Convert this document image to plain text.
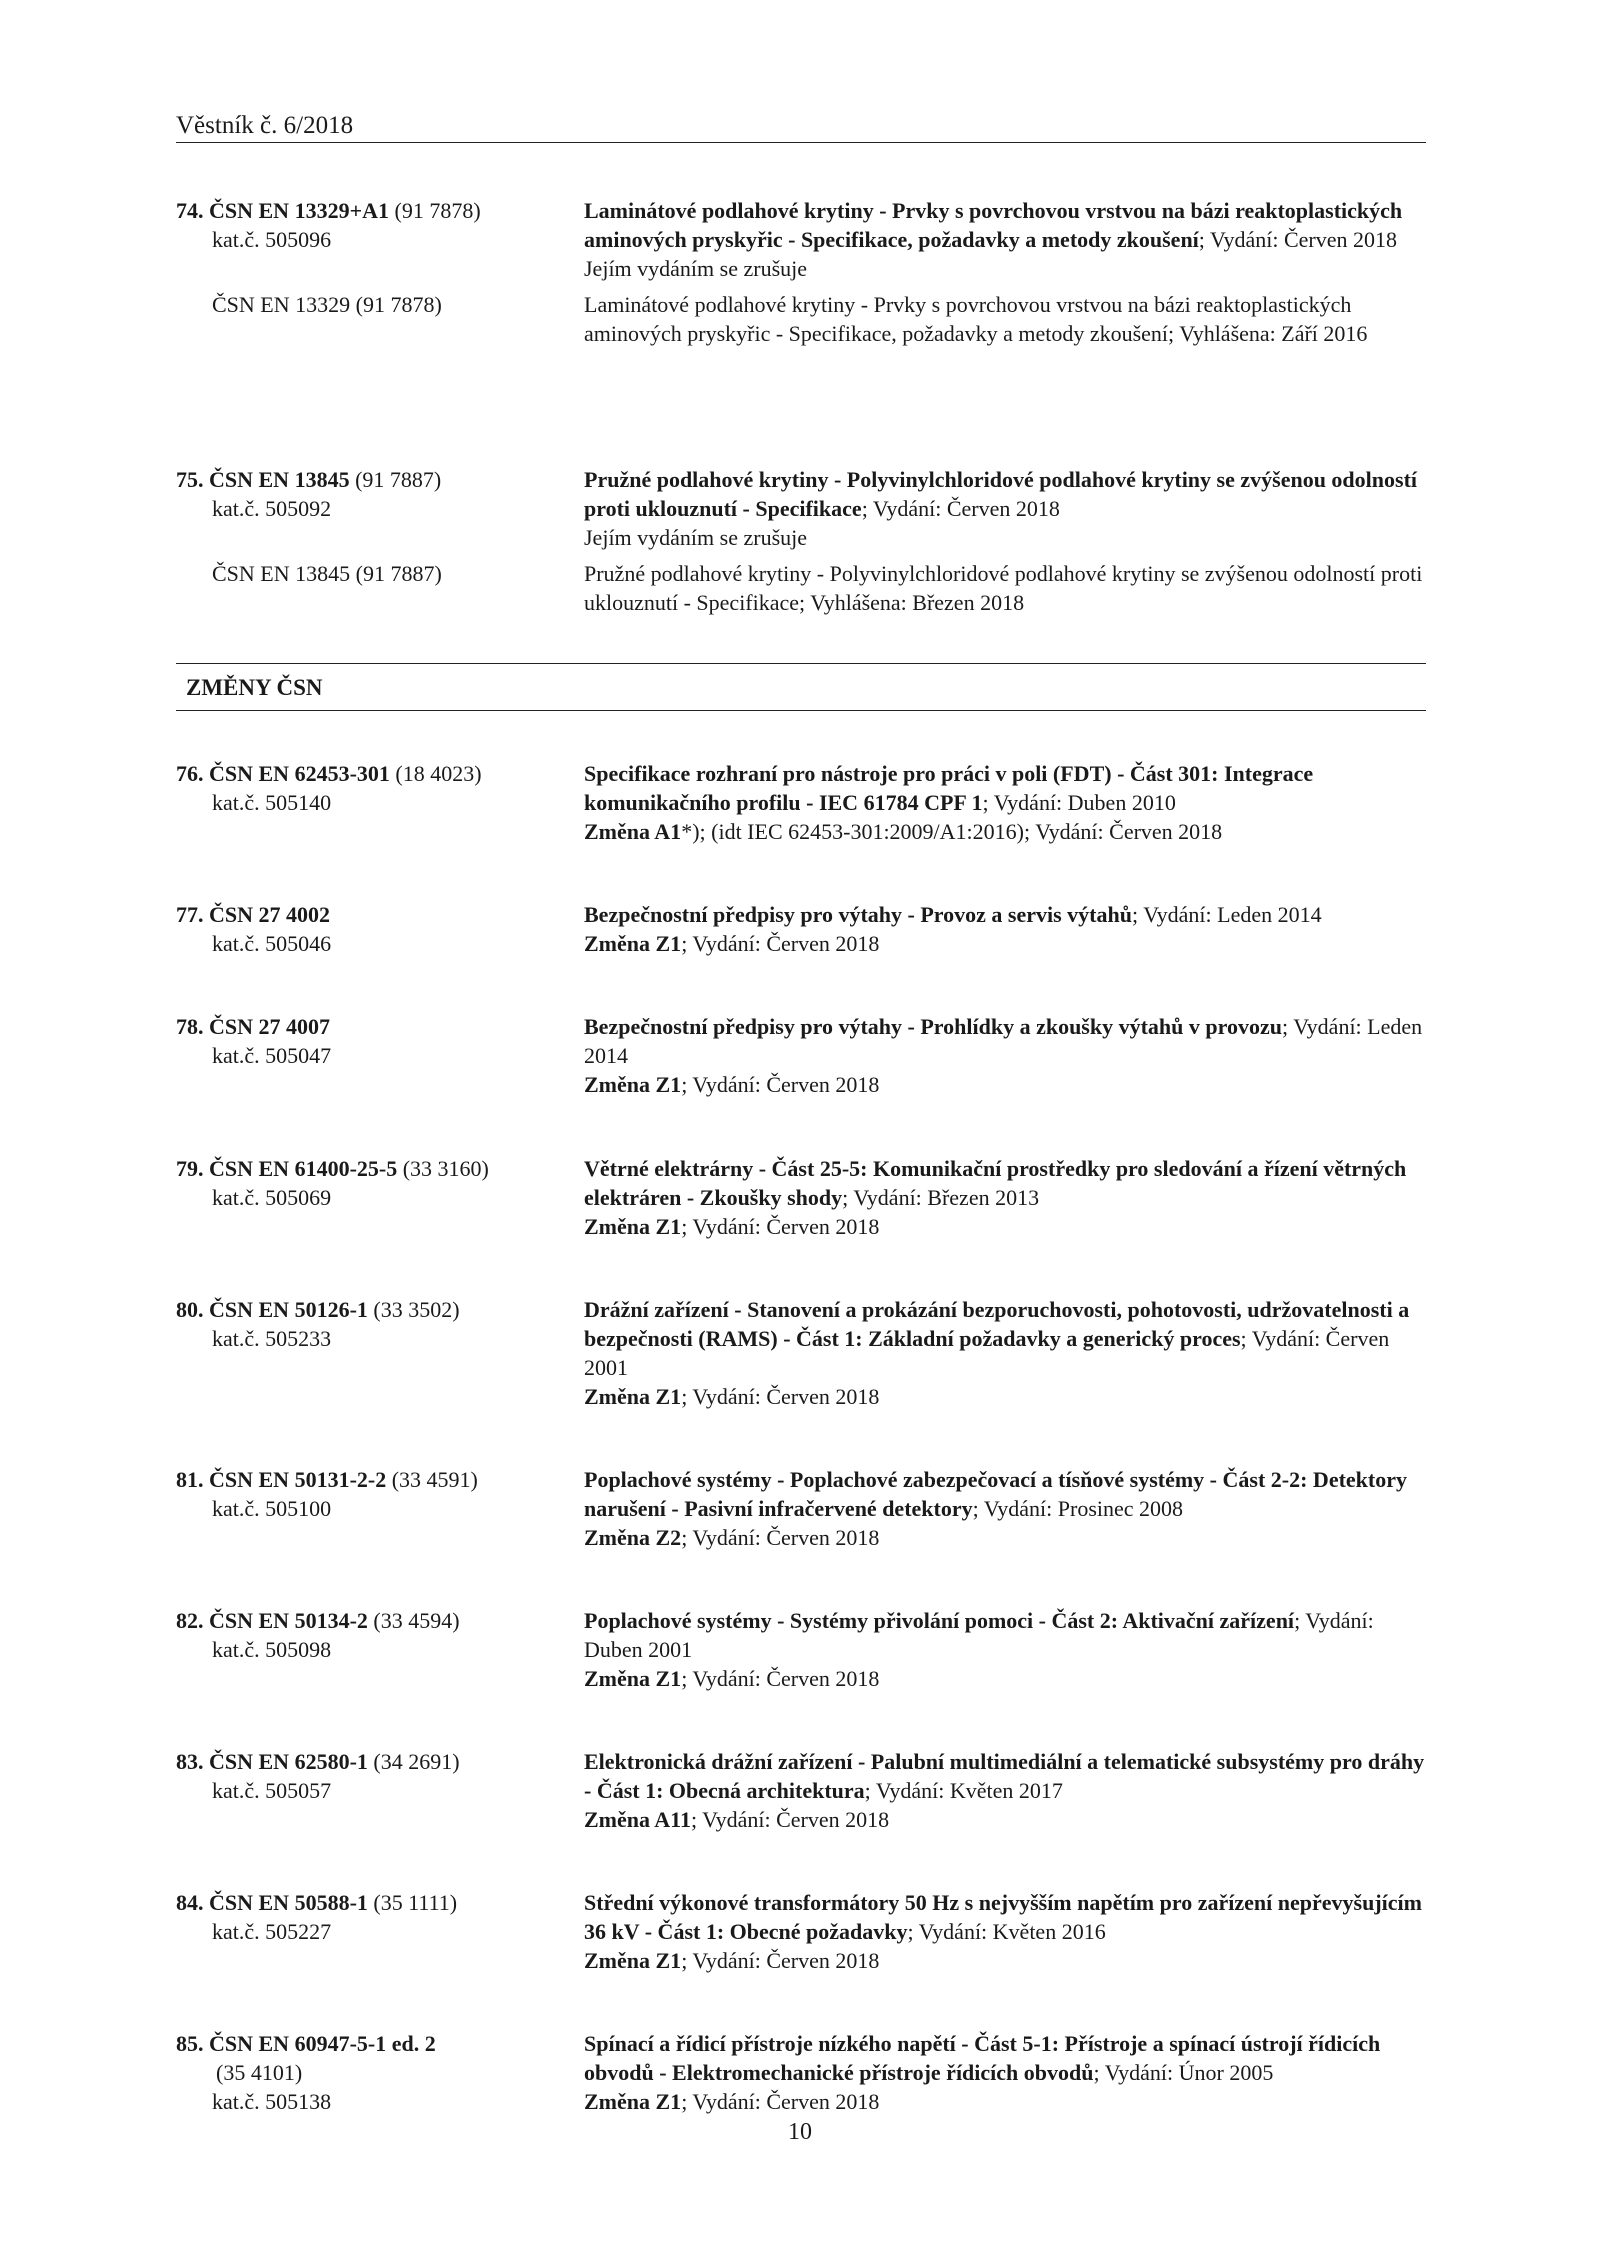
Věstník č. 6/2018
74. ČSN EN 13329+A1 (91 7878)
kat.č. 505096
Laminátové podlahové krytiny - Prvky s povrchovou vrstvou na bázi reaktoplastických aminových pryskyřic - Specifikace, požadavky a metody zkoušení; Vydání: Červen 2018
Jejím vydáním se zrušuje
ČSN EN 13329 (91 7878)	Laminátové podlahové krytiny - Prvky s povrchovou vrstvou na bázi reaktoplastických aminových pryskyřic - Specifikace, požadavky a metody zkoušení; Vyhlášena: Září 2016
75. ČSN EN 13845 (91 7887)
kat.č. 505092
Pružné podlahové krytiny - Polyvinylchloridové podlahové krytiny se zvýšenou odolností proti uklouznutí - Specifikace; Vydání: Červen 2018
Jejím vydáním se zrušuje
ČSN EN 13845 (91 7887)	Pružné podlahové krytiny - Polyvinylchloridové podlahové krytiny se zvýšenou odolností proti uklouznutí - Specifikace; Vyhlášena: Březen 2018
ZMĚNY ČSN
76. ČSN EN 62453-301 (18 4023)
kat.č. 505140
Specifikace rozhraní pro nástroje pro práci v poli (FDT) - Část 301: Integrace komunikačního profilu - IEC 61784 CPF 1; Vydání: Duben 2010
Změna A1*); (idt IEC 62453-301:2009/A1:2016); Vydání: Červen 2018
77. ČSN 27 4002
kat.č. 505046
Bezpečnostní předpisy pro výtahy - Provoz a servis výtahů; Vydání: Leden 2014
Změna Z1; Vydání: Červen 2018
78. ČSN 27 4007
kat.č. 505047
Bezpečnostní předpisy pro výtahy - Prohlídky a zkoušky výtahů v provozu; Vydání: Leden 2014
Změna Z1; Vydání: Červen 2018
79. ČSN EN 61400-25-5 (33 3160)
kat.č. 505069
Větrné elektrárny - Část 25-5: Komunikační prostředky pro sledování a řízení větrných elektráren - Zkoušky shody; Vydání: Březen 2013
Změna Z1; Vydání: Červen 2018
80. ČSN EN 50126-1 (33 3502)
kat.č. 505233
Drážní zařízení - Stanovení a prokázání bezporuchovosti, pohotovosti, udržovatelnosti a bezpečnosti (RAMS) - Část 1: Základní požadavky a generický proces; Vydání: Červen 2001
Změna Z1; Vydání: Červen 2018
81. ČSN EN 50131-2-2 (33 4591)
kat.č. 505100
Poplachové systémy - Poplachové zabezpečovací a tísňové systémy - Část 2-2: Detektory narušení - Pasivní infračervené detektory; Vydání: Prosinec 2008
Změna Z2; Vydání: Červen 2018
82. ČSN EN 50134-2 (33 4594)
kat.č. 505098
Poplachové systémy - Systémy přivolání pomoci - Část 2: Aktivační zařízení; Vydání: Duben 2001
Změna Z1; Vydání: Červen 2018
83. ČSN EN 62580-1 (34 2691)
kat.č. 505057
Elektronická drážní zařízení - Palubní multimediální a telematické subsystémy pro dráhy - Část 1: Obecná architektura; Vydání: Květen 2017
Změna A11; Vydání: Červen 2018
84. ČSN EN 50588-1 (35 1111)
kat.č. 505227
Střední výkonové transformátory 50 Hz s nejvyšším napětím pro zařízení nepřevyšujícím 36 kV - Část 1: Obecné požadavky; Vydání: Květen 2016
Změna Z1; Vydání: Červen 2018
85. ČSN EN 60947-5-1 ed. 2
(35 4101)
kat.č. 505138
Spínací a řídicí přístroje nízkého napětí - Část 5-1: Přístroje a spínací ústrojí řídicích obvodů - Elektromechanické přístroje řídicích obvodů; Vydání: Únor 2005
Změna Z1; Vydání: Červen 2018
10
